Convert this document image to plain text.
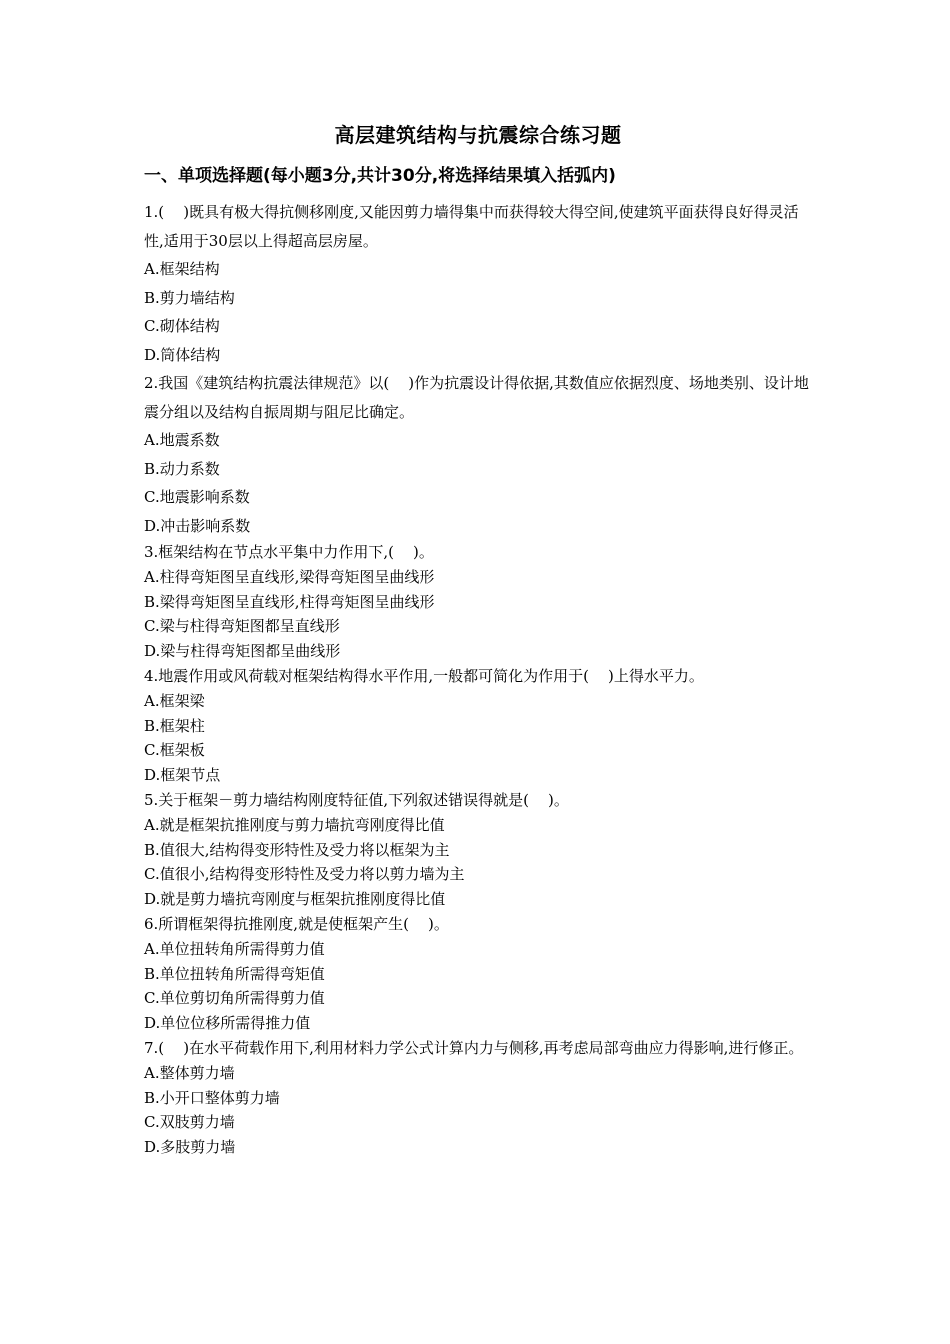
高层建筑结构与抗震综合练习题
一、单项选择题(每小题3分,共计30分,将选择结果填入括弧内)

1.(    )既具有极大得抗侧移刚度,又能因剪力墙得集中而获得较大得空间,使建筑平面获得良好得灵活性,适用于30层以上得超高层房屋。

A.框架结构

B.剪力墙结构

C.砌体结构

D.筒体结构

2.我国《建筑结构抗震法律规范》以(    )作为抗震设计得依据,其数值应依据烈度、场地类别、设计地震分组以及结构自振周期与阻尼比确定。

A.地震系数

B.动力系数

C.地震影响系数

D.冲击影响系数

3.框架结构在节点水平集中力作用下,(    )。

A.柱得弯矩图呈直线形,梁得弯矩图呈曲线形

B.梁得弯矩图呈直线形,柱得弯矩图呈曲线形

C.梁与柱得弯矩图都呈直线形

D.梁与柱得弯矩图都呈曲线形

4.地震作用或风荷载对框架结构得水平作用,一般都可简化为作用于(    )上得水平力。

A.框架梁

B.框架柱

C.框架板

D.框架节点

5.关于框架－剪力墙结构刚度特征值,下列叙述错误得就是(    )。

A.就是框架抗推刚度与剪力墙抗弯刚度得比值

B.值很大,结构得变形特性及受力将以框架为主

C.值很小,结构得变形特性及受力将以剪力墙为主

D.就是剪力墙抗弯刚度与框架抗推刚度得比值

6.所谓框架得抗推刚度,就是使框架产生(    )。

A.单位扭转角所需得剪力值

B.单位扭转角所需得弯矩值

C.单位剪切角所需得剪力值

D.单位位移所需得推力值

7.(    )在水平荷载作用下,利用材料力学公式计算内力与侧移,再考虑局部弯曲应力得影响,进行修正。

A.整体剪力墙

B.小开口整体剪力墙

C.双肢剪力墙

D.多肢剪力墙
